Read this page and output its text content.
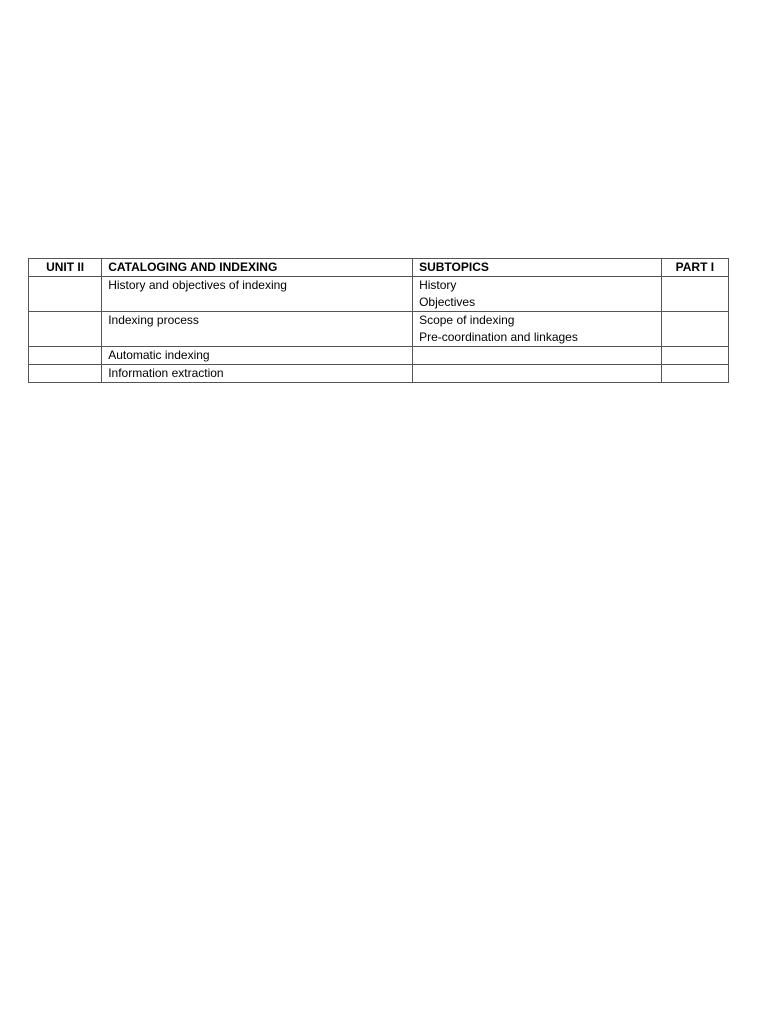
UNIT II	CATALOGING AND INDEXING	SUBTOPICS	PART I
	History and objectives of indexing	History
Objectives	

	Indexing process	Scope of indexing
Pre-coordination and linkages	

	Automatic indexing	

	Information extraction	
